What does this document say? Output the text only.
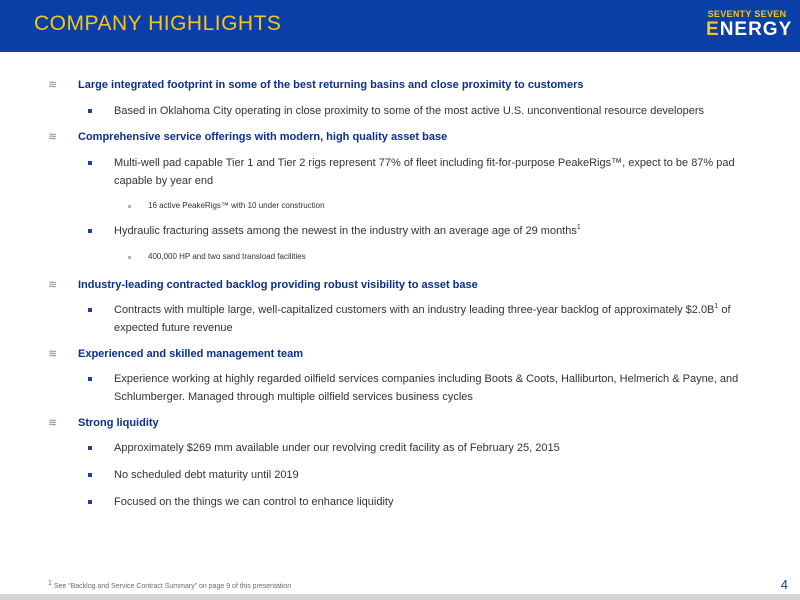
COMPANY HIGHLIGHTS	SEVENTY SEVEN
ENERGY
≋ Large integrated footprint in some of the best returning basins and close proximity to customers
Based in Oklahoma City operating in close proximity to some of the most active U.S. unconventional resource developers
≋ Comprehensive service offerings with modern, high quality asset base
Multi-well pad capable Tier 1 and Tier 2 rigs represent 77% of fleet including fit-for-purpose PeakeRigs™, expect to be 87% pad capable by year end
16 active PeakeRigs™ with 10 under construction
Hydraulic fracturing assets among the newest in the industry with an average age of 29 months$^1$
400,000 HP and two sand transload facilities
≋ Industry-leading contracted backlog providing robust visibility to asset base
Contracts with multiple large, well-capitalized customers with an industry leading three-year backlog of approximately $\$2.0B^1$ of expected future revenue
≋ Experienced and skilled management team
Experience working at highly regarded oilfield services companies including Boots & Coots, Halliburton, Helmerich & Payne, and Schlumberger. Managed through multiple oilfield services business cycles
≋ Strong liquidity
Approximately $269 mm available under our revolving credit facility as of February 25, 2015
No scheduled debt maturity until 2019
Focused on the things we can control to enhance liquidity
$^1$ See “Backlog and Service Contract Summary” on page 9 of this presentation	4
